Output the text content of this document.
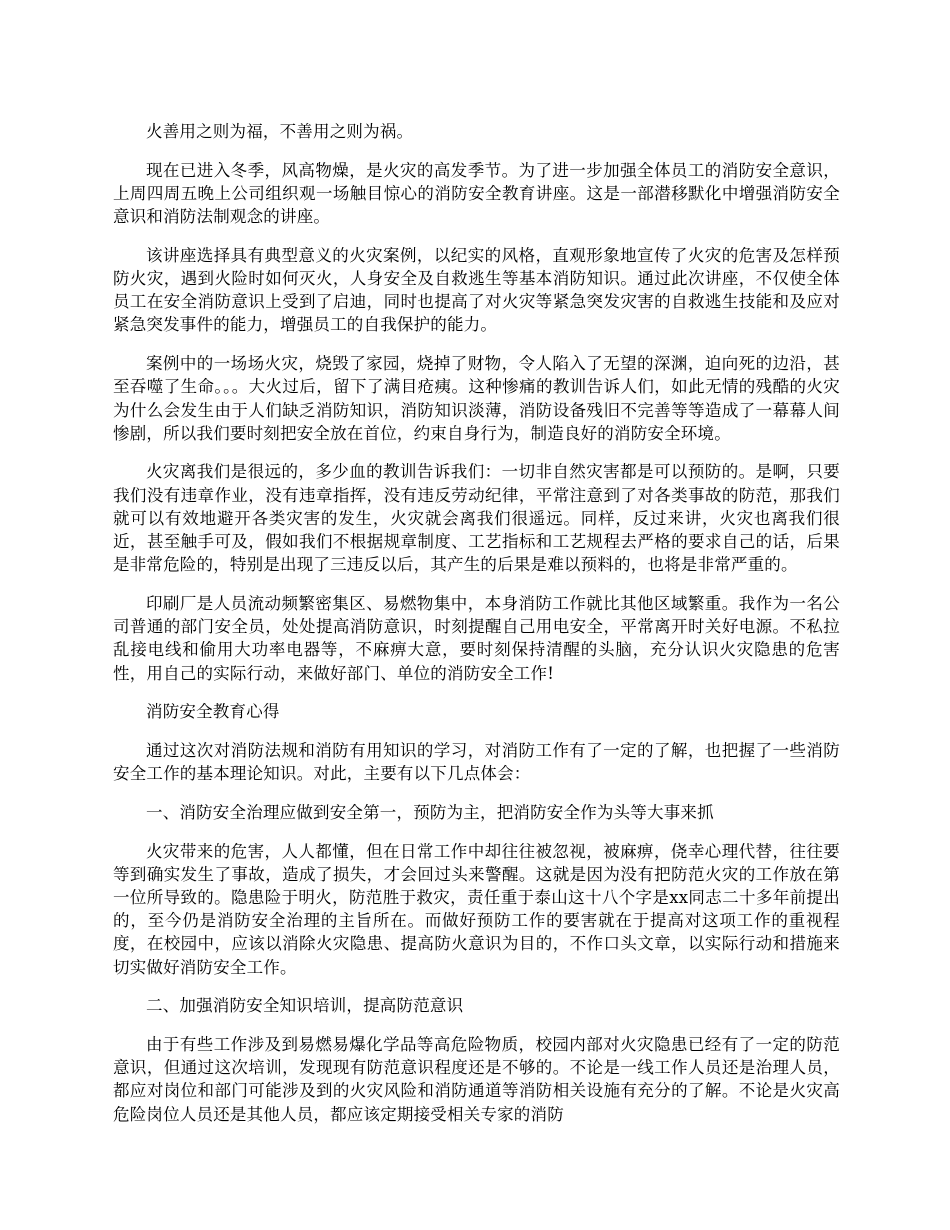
火善用之则为福，不善用之则为祸。

现在已进入冬季，风高物燥，是火灾的高发季节。为了进一步加强全体员工的消防安全意识，上周四周五晚上公司组织观一场触目惊心的消防安全教育讲座。这是一部潜移默化中增强消防安全意识和消防法制观念的讲座。

该讲座选择具有典型意义的火灾案例，以纪实的风格，直观形象地宣传了火灾的危害及怎样预防火灾，遇到火险时如何灭火，人身安全及自救逃生等基本消防知识。通过此次讲座，不仅使全体员工在安全消防意识上受到了启迪，同时也提高了对火灾等紧急突发灾害的自救逃生技能和及应对紧急突发事件的能力，增强员工的自我保护的能力。

案例中的一场场火灾，烧毁了家园，烧掉了财物，令人陷入了无望的深渊，迫向死的边沿，甚至吞噬了生命。。。大火过后，留下了满目疮痍。这种惨痛的教训告诉人们，如此无情的残酷的火灾为什么会发生由于人们缺乏消防知识，消防知识淡薄，消防设备残旧不完善等等造成了一幕幕人间惨剧，所以我们要时刻把安全放在首位，约束自身行为，制造良好的消防安全环境。

火灾离我们是很远的，多少血的教训告诉我们：一切非自然灾害都是可以预防的。是啊，只要我们没有违章作业，没有违章指挥，没有违反劳动纪律，平常注意到了对各类事故的防范，那我们就可以有效地避开各类灾害的发生，火灾就会离我们很遥远。同样，反过来讲，火灾也离我们很近，甚至触手可及，假如我们不根据规章制度、工艺指标和工艺规程去严格的要求自己的话，后果是非常危险的，特别是出现了三违反以后，其产生的后果是难以预料的，也将是非常严重的。

印刷厂是人员流动频繁密集区、易燃物集中，本身消防工作就比其他区域繁重。我作为一名公司普通的部门安全员，处处提高消防意识，时刻提醒自己用电安全，平常离开时关好电源。不私拉乱接电线和偷用大功率电器等，不麻痹大意，要时刻保持清醒的头脑，充分认识火灾隐患的危害性，用自己的实际行动，来做好部门、单位的消防安全工作!

消防安全教育心得

通过这次对消防法规和消防有用知识的学习，对消防工作有了一定的了解，也把握了一些消防安全工作的基本理论知识。对此，主要有以下几点体会：

一、消防安全治理应做到安全第一，预防为主，把消防安全作为头等大事来抓

火灾带来的危害，人人都懂，但在日常工作中却往往被忽视，被麻痹，侥幸心理代替，往往要等到确实发生了事故，造成了损失，才会回过头来警醒。这就是因为没有把防范火灾的工作放在第一位所导致的。隐患险于明火，防范胜于救灾，责任重于泰山这十八个字是xx同志二十多年前提出的，至今仍是消防安全治理的主旨所在。而做好预防工作的要害就在于提高对这项工作的重视程度，在校园中，应该以消除火灾隐患、提高防火意识为目的，不作口头文章，以实际行动和措施来切实做好消防安全工作。

二、加强消防安全知识培训，提高防范意识

由于有些工作涉及到易燃易爆化学品等高危险物质，校园内部对火灾隐患已经有了一定的防范意识，但通过这次培训，发现现有防范意识程度还是不够的。不论是一线工作人员还是治理人员，都应对岗位和部门可能涉及到的火灾风险和消防通道等消防相关设施有充分的了解。不论是火灾高危险岗位人员还是其他人员，都应该定期接受相关专家的消防
